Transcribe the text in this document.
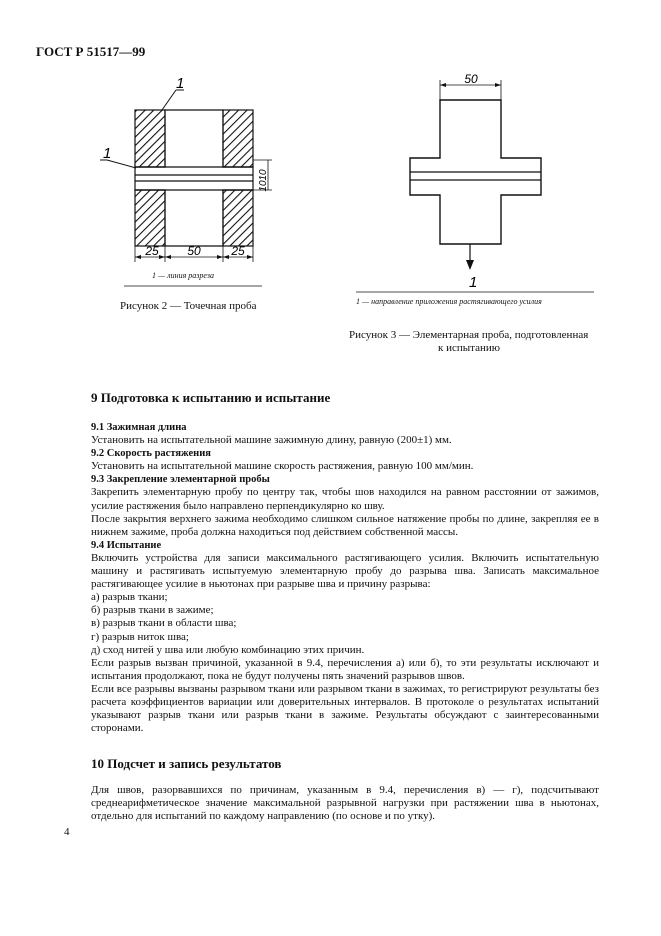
ГОСТ Р 51517—99
25 50	25
1
1
10
10
50
1
1 — линия разреза
Рисунок 2 — Точечная проба	1 — направление приложения растягивающего усилия
Рисунок 3 — Элементарная проба, подготовленная
к испытанию
9 Подготовка к испытанию и испытание

9.1 Зажимная длина

Установить на испытательной машине зажимную длину, равную (200±1) мм.

9.2 Скорость растяжения

Установить на испытательной машине скорость растяжения, равную 100 мм/мин.

9.3 Закрепление элементарной пробы

Закрепить элементарную пробу по центру так, чтобы шов находился на равном расстоянии от зажимов, усилие растяжения было направлено перпендикулярно ко шву.

После закрытия верхнего зажима необходимо слишком сильное натяжение пробы по длине, закрепляя ее в нижнем зажиме, проба должна находиться под действием собственной массы.

9.4 Испытание

Включить устройства для записи максимального растягивающего усилия. Включить испытательную машину и растягивать испытуемую элементарную пробу до разрыва шва. Записать максимальное растягивающее усилие в ньютонах при разрыве шва и причину разрыва:

а) разрыв ткани;

б) разрыв ткани в зажиме;

в) разрыв ткани в области шва;

г) разрыв ниток шва;

д) сход нитей у шва или любую комбинацию этих причин.

Если разрыв вызван причиной, указанной в 9.4, перечисления а) или б), то эти результаты исключают и испытания продолжают, пока не будут получены пять значений разрывов швов.

Если все разрывы вызваны разрывом ткани или разрывом ткани в зажимах, то регистрируют результаты без расчета коэффициентов вариации или доверительных интервалов. В протоколе о результатах испытаний указывают разрыв ткани или разрыв ткани в зажиме. Результаты обсуждают с заинтересованными сторонами.

10 Подсчет и запись результатов

Для швов, разорвавшихся по причинам, указанным в 9.4, перечисления в) — г), подсчитывают среднеарифметическое значение максимальной разрывной нагрузки при растяжении шва в ньютонах, отдельно для испытаний по каждому направлению (по основе и по утку).

4
